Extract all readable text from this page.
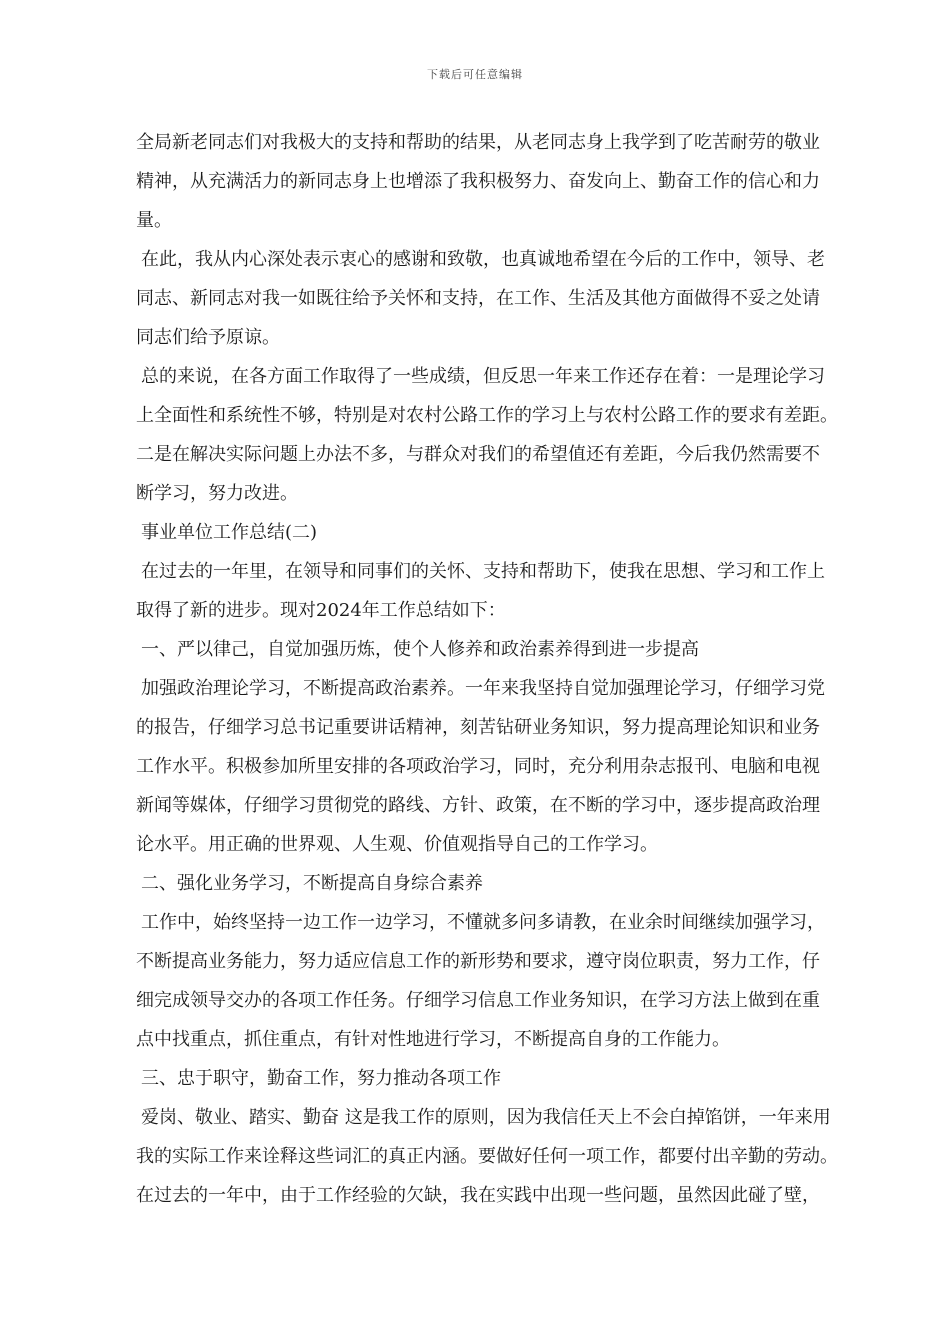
下载后可任意编辑
全局新老同志们对我极大的支持和帮助的结果，从老同志身上我学到了吃苦耐劳的敬业
精神，从充满活力的新同志身上也增添了我积极努力、奋发向上、勤奋工作的信心和力
量。
在此，我从内心深处表示衷心的感谢和致敬，也真诚地希望在今后的工作中，领导、老
同志、新同志对我一如既往给予关怀和支持，在工作、生活及其他方面做得不妥之处请
同志们给予原谅。
总的来说，在各方面工作取得了一些成绩，但反思一年来工作还存在着：一是理论学习
上全面性和系统性不够，特别是对农村公路工作的学习上与农村公路工作的要求有差距。
二是在解决实际问题上办法不多，与群众对我们的希望值还有差距，今后我仍然需要不
断学习，努力改进。
事业单位工作总结(二)
在过去的一年里，在领导和同事们的关怀、支持和帮助下，使我在思想、学习和工作上
取得了新的进步。现对2024年工作总结如下：
一、严以律己，自觉加强历炼，使个人修养和政治素养得到进一步提高
加强政治理论学习，不断提高政治素养。一年来我坚持自觉加强理论学习，仔细学习党
的报告，仔细学习总书记重要讲话精神，刻苦钻研业务知识，努力提高理论知识和业务
工作水平。积极参加所里安排的各项政治学习，同时，充分利用杂志报刊、电脑和电视
新闻等媒体，仔细学习贯彻党的路线、方针、政策，在不断的学习中，逐步提高政治理
论水平。用正确的世界观、人生观、价值观指导自己的工作学习。
二、强化业务学习，不断提高自身综合素养
工作中，始终坚持一边工作一边学习，不懂就多问多请教，在业余时间继续加强学习，
不断提高业务能力，努力适应信息工作的新形势和要求，遵守岗位职责，努力工作，仔
细完成领导交办的各项工作任务。仔细学习信息工作业务知识，在学习方法上做到在重
点中找重点，抓住重点，有针对性地进行学习，不断提高自身的工作能力。
三、忠于职守，勤奋工作，努力推动各项工作
爱岗、敬业、踏实、勤奋 这是我工作的原则，因为我信任天上不会白掉馅饼，一年来用
我的实际工作来诠释这些词汇的真正内涵。要做好任何一项工作，都要付出辛勤的劳动。
在过去的一年中，由于工作经验的欠缺，我在实践中出现一些问题，虽然因此碰了壁，
